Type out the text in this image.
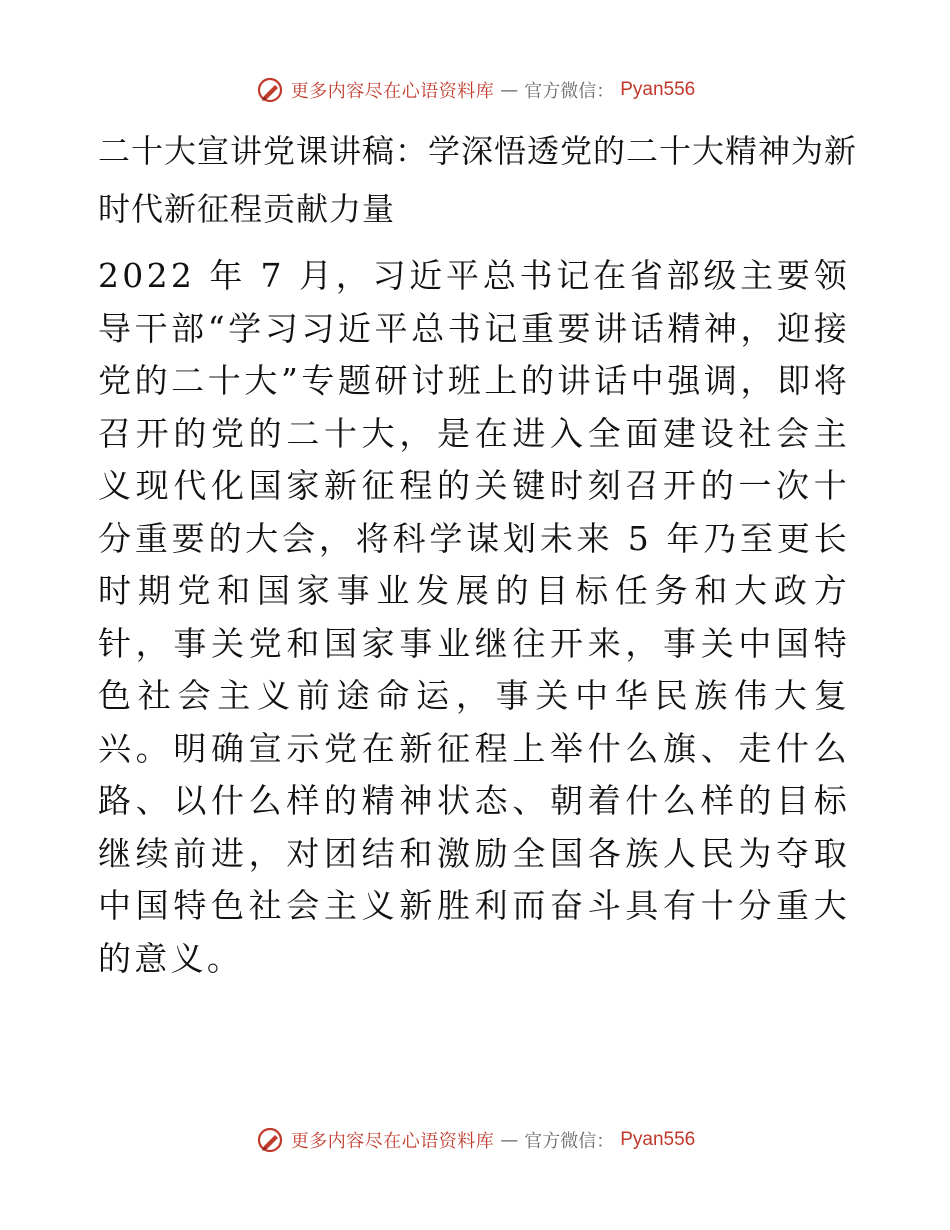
更多内容尽在心语资料库 — 官方微信： Pyan556
二十大宣讲党课讲稿：学深悟透党的二十大精神为新时代新征程贡献力量

2022 年 7 月，习近平总书记在省部级主要领导干部“学习习近平总书记重要讲话精神，迎接党的二十大”专题研讨班上的讲话中强调，即将召开的党的二十大，是在进入全面建设社会主义现代化国家新征程的关键时刻召开的一次十分重要的大会，将科学谋划未来 5 年乃至更长时期党和国家事业发展的目标任务和大政方针，事关党和国家事业继往开来，事关中国特色社会主义前途命运，事关中华民族伟大复兴。明确宣示党在新征程上举什么旗、走什么路、以什么样的精神状态、朝着什么样的目标继续前进，对团结和激励全国各族人民为夺取中国特色社会主义新胜利而奋斗具有十分重大的意义。

更多内容尽在心语资料库 — 官方微信： Pyan556
